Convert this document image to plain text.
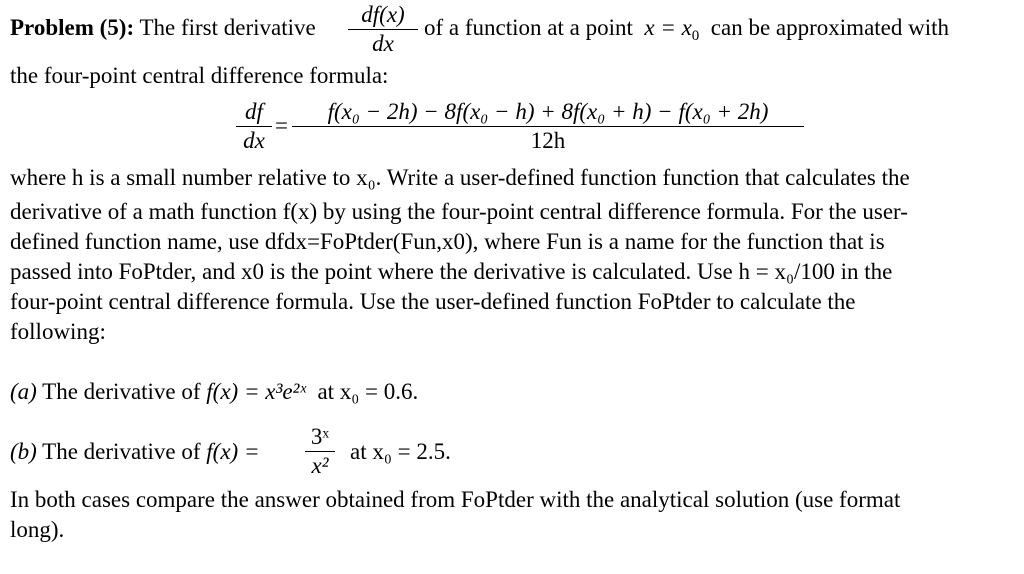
Problem (5): The first derivative
df(x)
dx
of a function at a point $x = x_0$ can be approximated with
the four-point central difference formula:
df
dx
=
f(x₀ − 2h) − 8f(x₀ − h) + 8f(x₀ + h) − f(x₀ + 2h)
12h
where h is a small number relative to x₀. Write a user-defined function function that calculates the
derivative of a math function f(x) by using the four-point central difference formula. For the user-
defined function name, use dfdx=FoPtder(Fun,x0), where Fun is a name for the function that is
passed into FoPtder, and x0 is the point where the derivative is calculated. Use h = x₀/100 in the
four-point central difference formula. Use the user-defined function FoPtder to calculate the
following:
(a) The derivative of f(x) = x³e²ˣ at x₀ = 0.6.
(b) The derivative of f(x) =
3ˣ
x²
at x₀ = 2.5.
In both cases compare the answer obtained from FoPtder with the analytical solution (use format
long).
